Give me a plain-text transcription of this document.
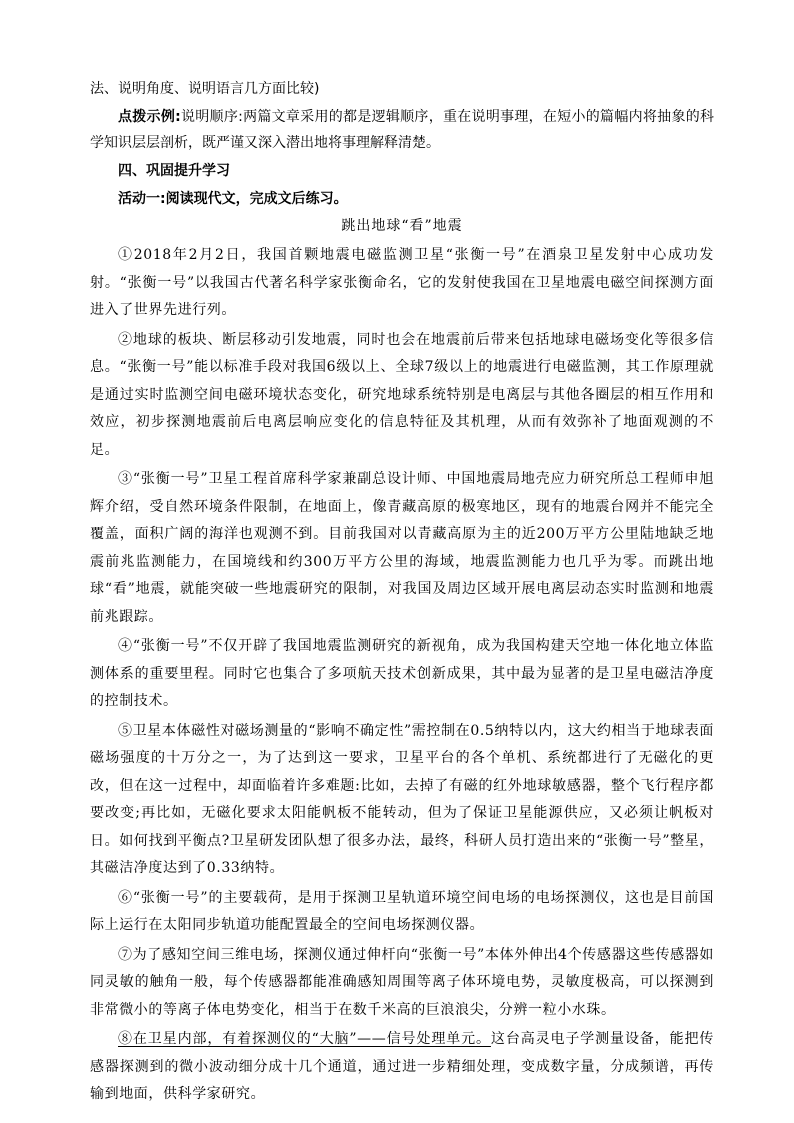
法、说明角度、说明语言几方面比较)

点拨示例:说明顺序:两篇文章采用的都是逻辑顺序，重在说明事理，在短小的篇幅内将抽象的科学知识层层剖析，既严谨又深入潜出地将事理解释清楚。

四、巩固提升学习

活动一:阅读现代文，完成文后练习。

跳出地球“看”地震

①2018年2月2日，我国首颗地震电磁监测卫星“张衡一号”在酒泉卫星发射中心成功发射。“张衡一号”以我国古代著名科学家张衡命名，它的发射使我国在卫星地震电磁空间探测方面进入了世界先进行列。

②地球的板块、断层移动引发地震，同时也会在地震前后带来包括地球电磁场变化等很多信息。“张衡一号”能以标准手段对我国6级以上、全球7级以上的地震进行电磁监测，其工作原理就是通过实时监测空间电磁环境状态变化，研究地球系统特别是电离层与其他各圈层的相互作用和效应，初步探测地震前后电离层响应变化的信息特征及其机理，从而有效弥补了地面观测的不足。

③“张衡一号”卫星工程首席科学家兼副总设计师、中国地震局地壳应力研究所总工程师申旭辉介绍，受自然环境条件限制，在地面上，像青藏高原的极寒地区，现有的地震台网并不能完全覆盖，面积广阔的海洋也观测不到。目前我国对以青藏高原为主的近200万平方公里陆地缺乏地震前兆监测能力，在国境线和约300万平方公里的海域，地震监测能力也几乎为零。而跳出地球“看”地震，就能突破一些地震研究的限制，对我国及周边区域开展电离层动态实时监测和地震前兆跟踪。

④“张衡一号”不仅开辟了我国地震监测研究的新视角，成为我国构建天空地一体化地立体监测体系的重要里程。同时它也集合了多项航天技术创新成果，其中最为显著的是卫星电磁洁净度的控制技术。

⑤卫星本体磁性对磁场测量的“影响不确定性”需控制在0.5纳特以内，这大约相当于地球表面磁场强度的十万分之一，为了达到这一要求，卫星平台的各个单机、系统都进行了无磁化的更改，但在这一过程中，却面临着许多难题:比如，去掉了有磁的红外地球敏感器，整个飞行程序都要改变;再比如，无磁化要求太阳能帆板不能转动，但为了保证卫星能源供应，又必须让帆板对日。如何找到平衡点?卫星研发团队想了很多办法，最终，科研人员打造出来的“张衡一号”整星，其磁洁净度达到了0.33纳特。

⑥“张衡一号”的主要载荷，是用于探测卫星轨道环境空间电场的电场探测仪，这也是目前国际上运行在太阳同步轨道功能配置最全的空间电场探测仪器。

⑦为了感知空间三维电场，探测仪通过伸杆向“张衡一号”本体外伸出4个传感器这些传感器如同灵敏的触角一般，每个传感器都能准确感知周围等离子体环境电势，灵敏度极高，可以探测到非常微小的等离子体电势变化，相当于在数千米高的巨浪浪尖，分辨一粒小水珠。

⑧在卫星内部，有着探测仪的“大脑”——信号处理单元。这台高灵电子学测量设备，能把传感器探测到的微小波动细分成十几个通道，通过进一步精细处理，变成数字量，分成频谱，再传输到地面，供科学家研究。
